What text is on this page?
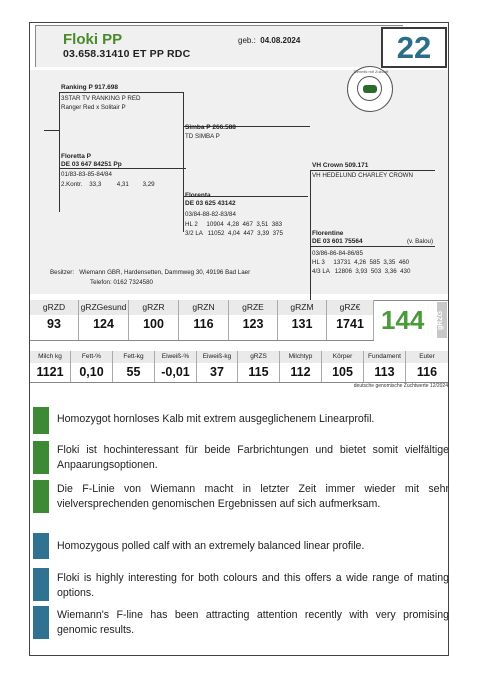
Floki PP
03.658.31410 ET PP RDC
geb.: 04.08.2024	22
Ranking P 917.698
3STAR TV RANKING P RED
Ranger Red x Solitair P
Simba P 266.588
TD SIMBA P
Floretta P
DE 03 647 84251 Pp
01/83-83-85-84/84
2.Kontr. 33,3 4,31 3,29
Florenta
DE 03 625 43142
03/84-88-82-83/84
HL 2     10904  4,28  467  3,51  383
3/2 LA   11052  4,04  447  3,39  375
VH Crown 509.171
VH HEDELUND CHARLEY CROWN
Florentine
DE 03 601 75564	(v. Balou)
03/86-86-84-86/85
HL 3     13731  4,26  585  3,35  460
4/3 LA   12806  3,93  503  3,36  430
Besitzer: Wiemann GBR, Hardensetten, Dammweg 30, 49196 Bad Laer
Telefon: 0162 7324580
Genetik mit Zukunft
gRZD
93
gRZGesund
124
gRZR
100
gRZN
116
gRZE
123
gRZM
131
gRZ€
1741 144 gRZG
Milch kg
1121
Fett-%
0,10
Fett-kg
55
Eiweiß-%
-0,01
Eiweiß-kg
37
gRZS
115
Milchtyp
112
Körper
105
Fundament
113
Euter
116
deutsche genomische Zuchtwerte 12/2024
Homozygot hornloses Kalb mit extrem ausgeglichenem Linearprofil.
Floki ist hochinteressant für beide Farbrichtungen und bietet somit vielfältige Anpaarungsoptionen.
Die F-Linie von Wiemann macht in letzter Zeit immer wieder mit sehr vielversprechenden genomischen Ergebnissen auf sich aufmerksam.
Homozygous polled calf with an extremely balanced linear profile.
Floki is highly interesting for both colours and this offers a wide range of mating options.
Wiemann's F-line has been attracting attention recently with very promising genomic results.
